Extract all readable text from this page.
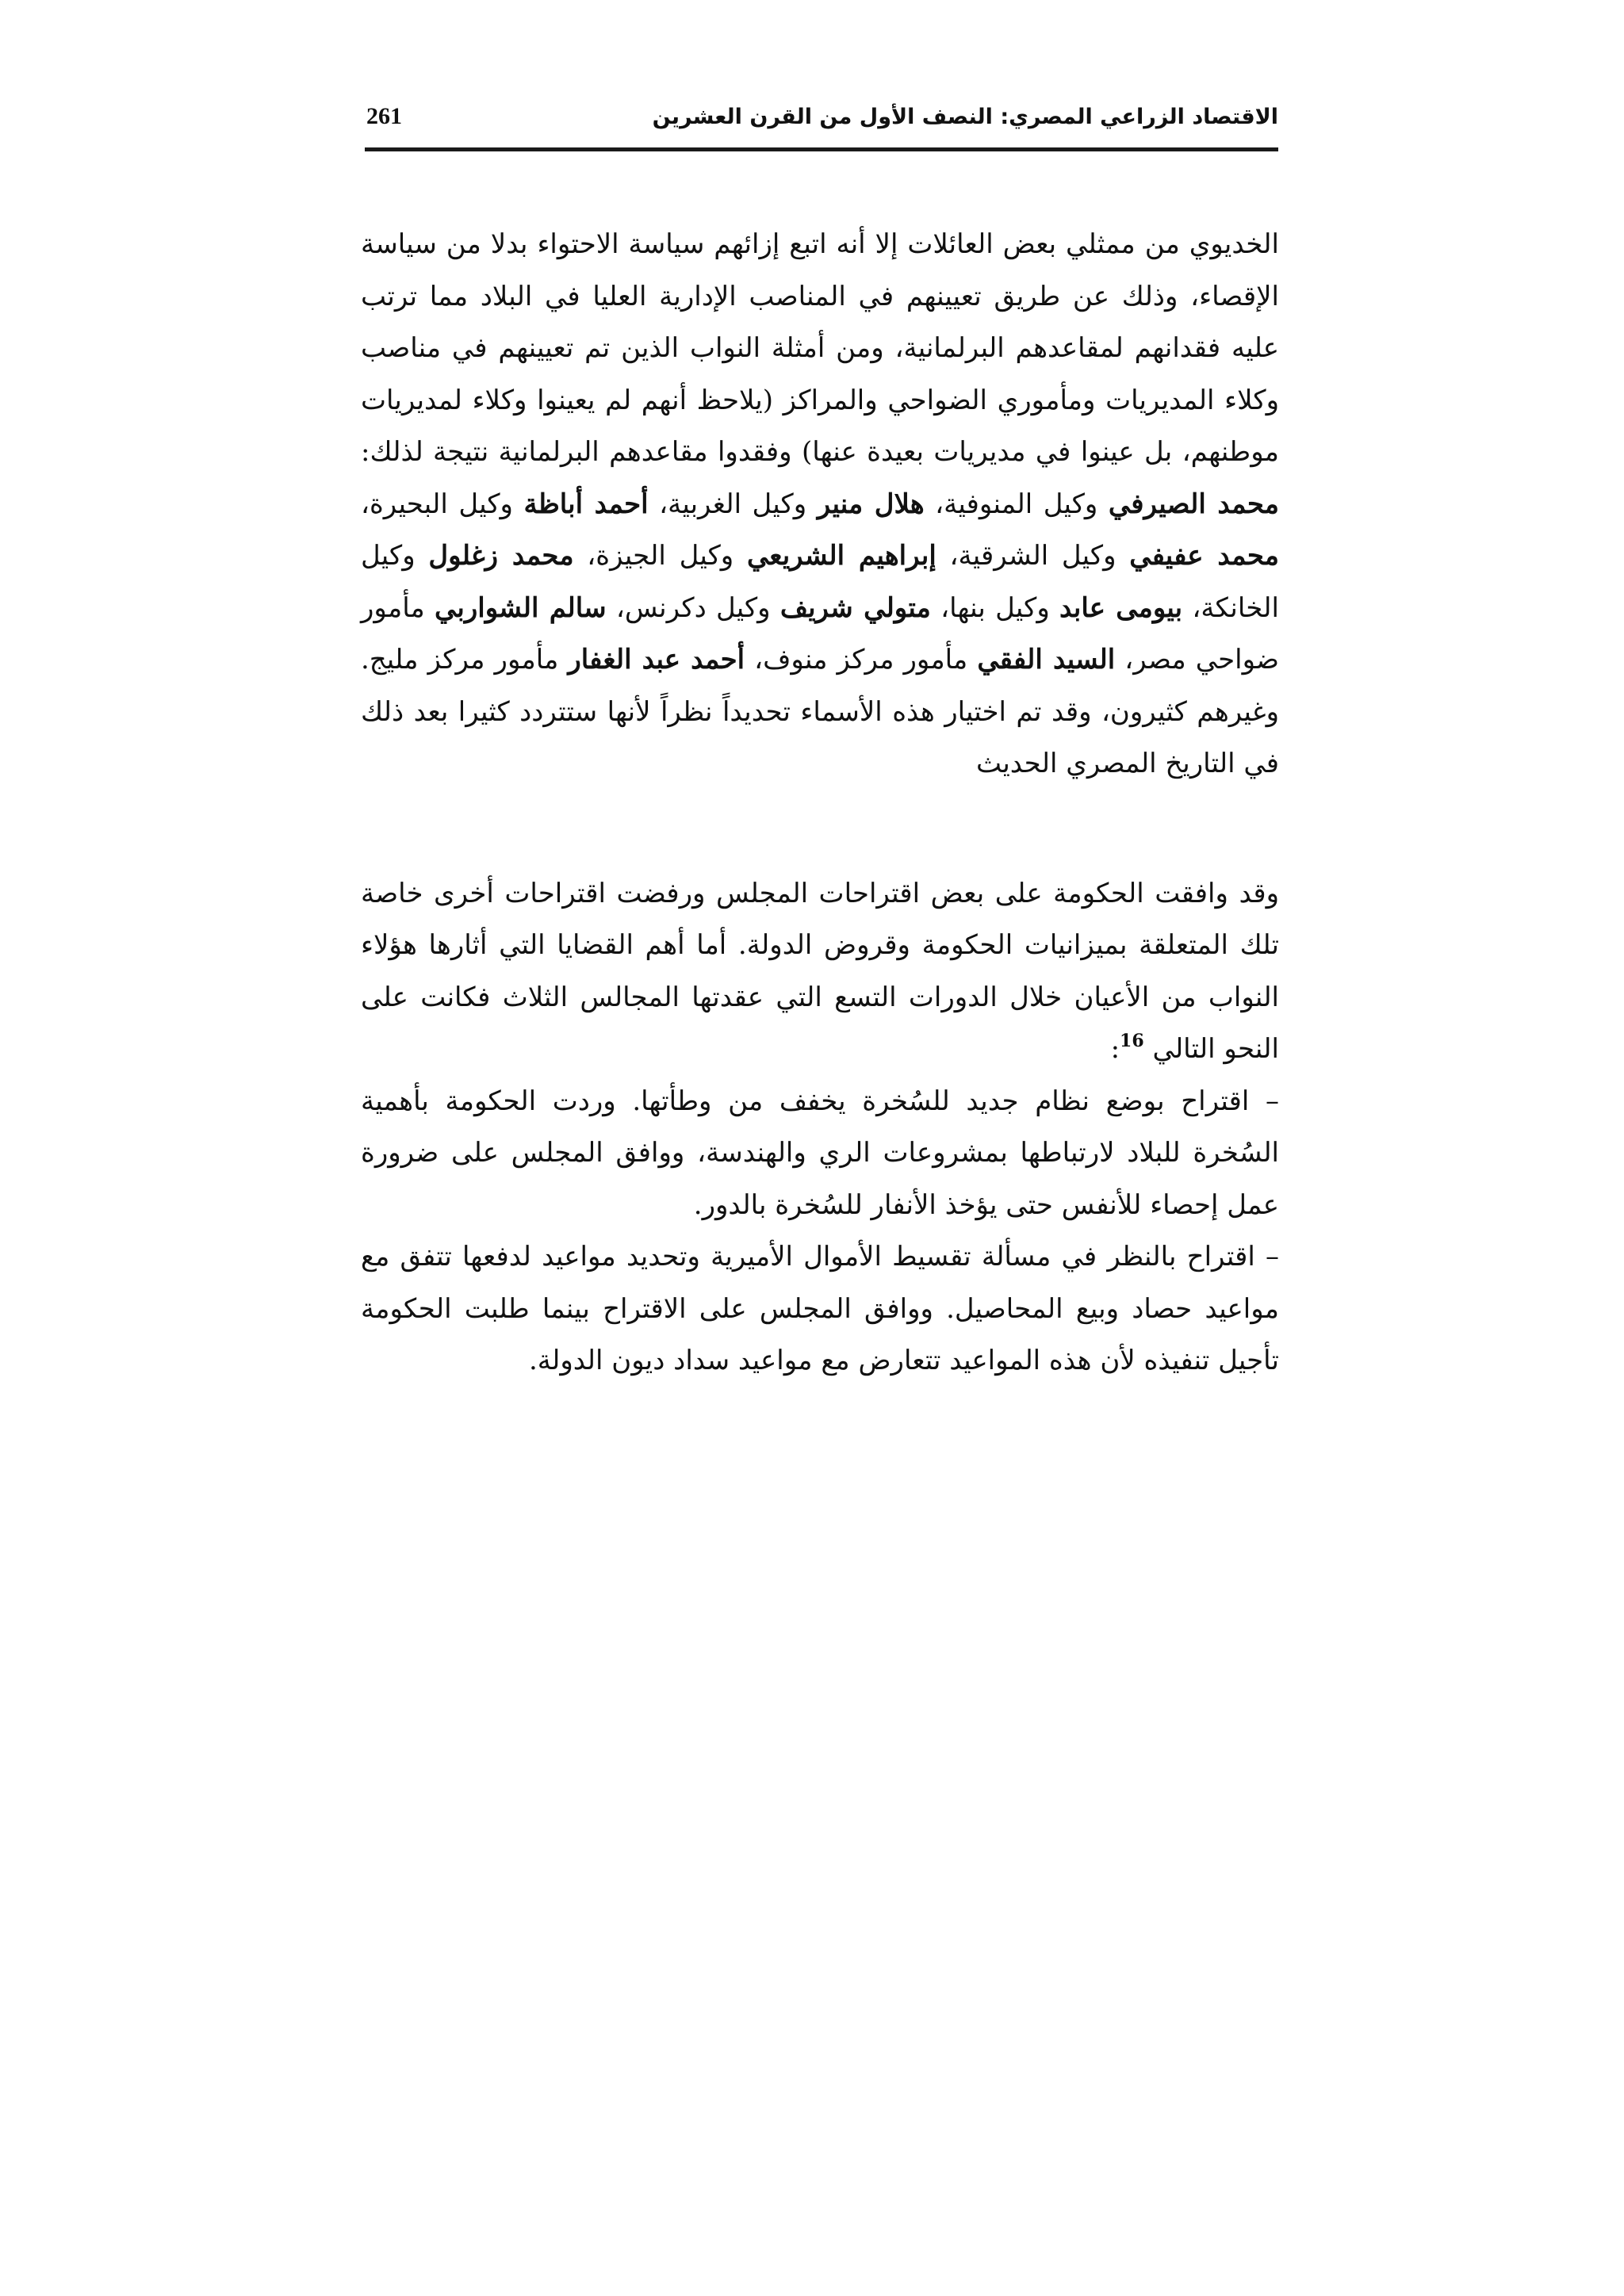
الاقتصاد الزراعي المصري: النصف الأول من القرن العشرين
261

الخديوي من ممثلي بعض العائلات إلا أنه اتبع إزائهم سياسة الاحتواء بدلا من سياسة الإقصاء، وذلك عن طريق تعيينهم في المناصب الإدارية العليا في البلاد مما ترتب عليه فقدانهم لمقاعدهم البرلمانية، ومن أمثلة النواب الذين تم تعيينهم في مناصب وكلاء المديريات ومأموري الضواحي والمراكز (يلاحظ أنهم لم يعينوا وكلاء لمديريات موطنهم، بل عينوا في مديريات بعيدة عنها) وفقدوا مقاعدهم البرلمانية نتيجة لذلك: محمد الصيرفي وكيل المنوفية، هلال منير وكيل الغربية، أحمد أباظة وكيل البحيرة، محمد عفيفي وكيل الشرقية، إبراهيم الشريعي وكيل الجيزة، محمد زغلول وكيل الخانكة، بيومى عابد وكيل بنها، متولي شريف وكيل دكرنس، سالم الشواربي مأمور ضواحي مصر، السيد الفقي مأمور مركز منوف، أحمد عبد الغفار مأمور مركز مليج. وغيرهم كثيرون، وقد تم اختيار هذه الأسماء تحديداً نظراً لأنها ستتردد كثيرا بعد ذلك في التاريخ المصري الحديث

وقد وافقت الحكومة على بعض اقتراحات المجلس ورفضت اقتراحات أخرى خاصة تلك المتعلقة بميزانيات الحكومة وقروض الدولة. أما أهم القضايا التي أثارها هؤلاء النواب من الأعيان خلال الدورات التسع التي عقدتها المجالس الثلاث فكانت على النحو التالي $^{16}$:

– اقتراح بوضع نظام جديد للسُخرة يخفف من وطأتها. وردت الحكومة بأهمية السُخرة للبلاد لارتباطها بمشروعات الري والهندسة، ووافق المجلس على ضرورة عمل إحصاء للأنفس حتى يؤخذ الأنفار للسُخرة بالدور.

– اقتراح بالنظر في مسألة تقسيط الأموال الأميرية وتحديد مواعيد لدفعها تتفق مع مواعيد حصاد وبيع المحاصيل. ووافق المجلس على الاقتراح بينما طلبت الحكومة تأجيل تنفيذه لأن هذه المواعيد تتعارض مع مواعيد سداد ديون الدولة.
